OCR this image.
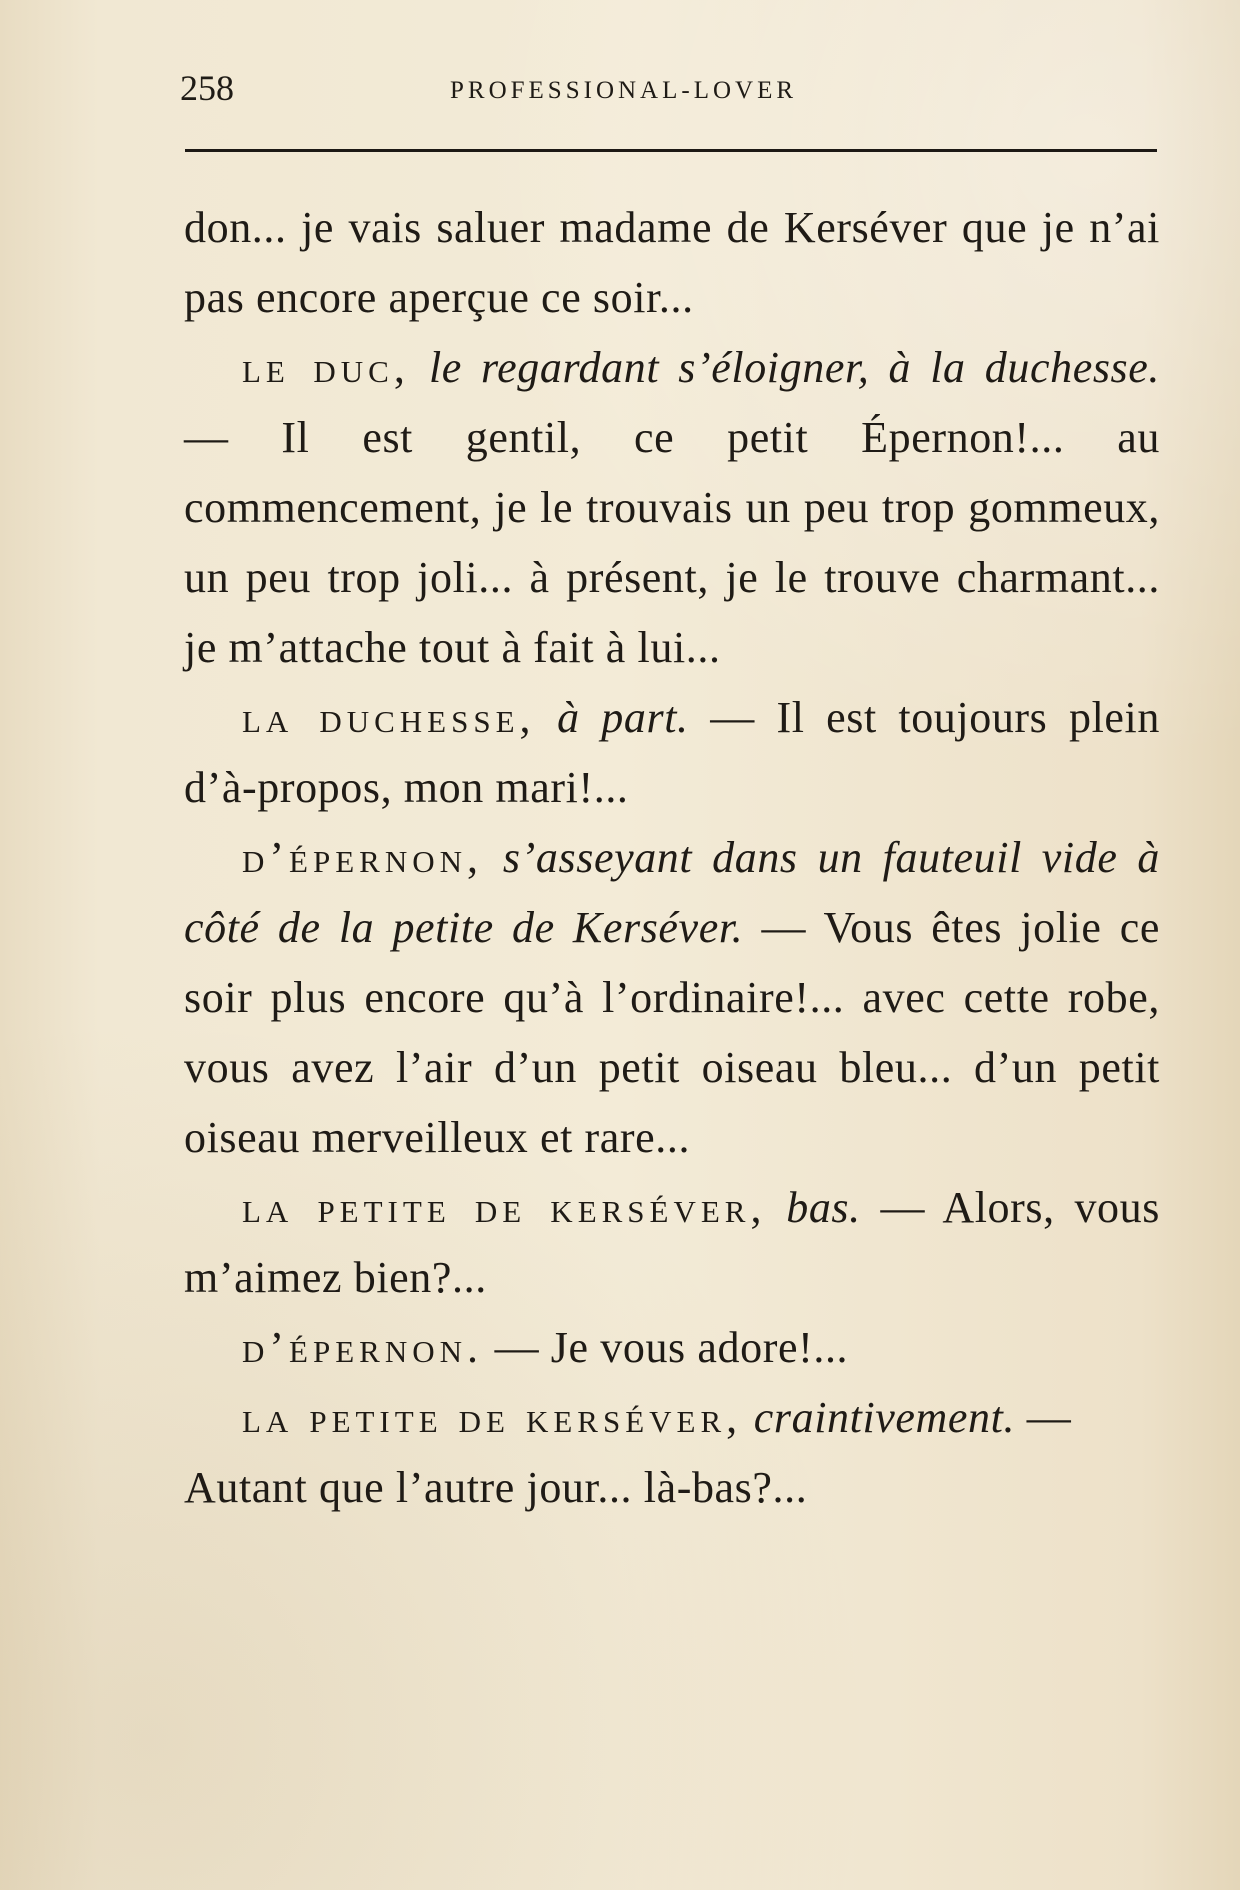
258	PROFESSIONAL-LOVER

don... je vais saluer madame de Kerséver que je n’ai pas encore aperçue ce soir...

le duc, le regardant s’éloigner, à la duchesse. — Il est gentil, ce petit Épernon!... au commencement, je le trouvais un peu trop gommeux, un peu trop joli... à présent, je le trouve charmant... je m’attache tout à fait à lui...

la duchesse, à part. — Il est toujours plein d’à-propos, mon mari!...

d’épernon, s’asseyant dans un fauteuil vide à côté de la petite de Kerséver. — Vous êtes jolie ce soir plus encore qu’à l’ordinaire!... avec cette robe, vous avez l’air d’un petit oiseau bleu... d’un petit oiseau merveilleux et rare...

la petite de kerséver, bas. — Alors, vous m’aimez bien?...

d’épernon. — Je vous adore!...

la petite de kerséver, craintivement. —
Autant que l’autre jour... là-bas?...
